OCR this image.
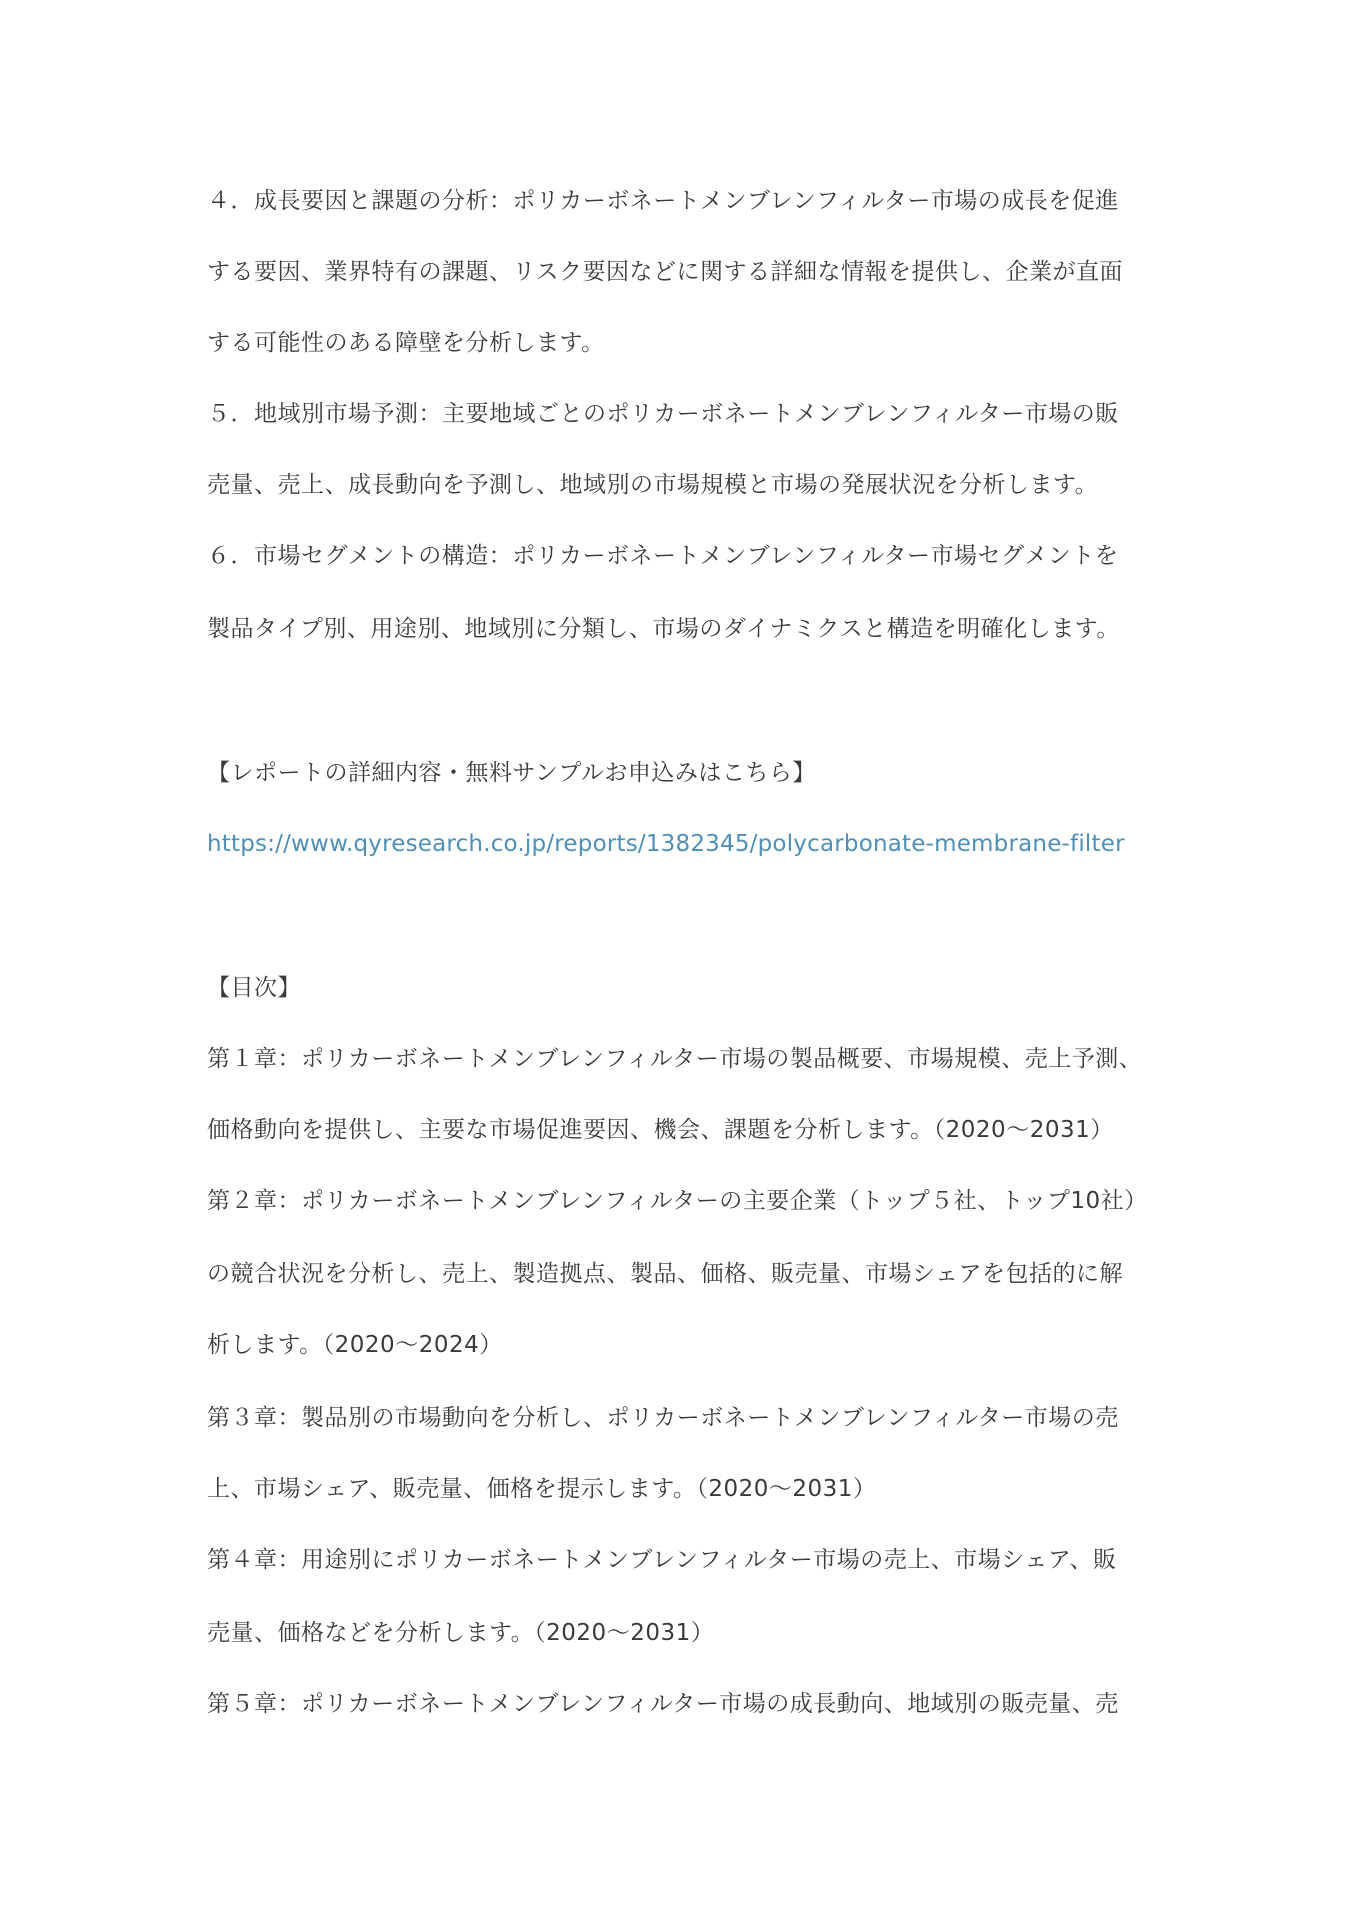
４．成長要因と課題の分析：ポリカーボネートメンブレンフィルター市場の成長を促進
する要因、業界特有の課題、リスク要因などに関する詳細な情報を提供し、企業が直面
する可能性のある障壁を分析します。
５．地域別市場予測：主要地域ごとのポリカーボネートメンブレンフィルター市場の販
売量、売上、成長動向を予測し、地域別の市場規模と市場の発展状況を分析します。
６．市場セグメントの構造：ポリカーボネートメンブレンフィルター市場セグメントを
製品タイプ別、用途別、地域別に分類し、市場のダイナミクスと構造を明確化します。
【レポートの詳細内容・無料サンプルお申込みはこちら】
https://www.qyresearch.co.jp/reports/1382345/polycarbonate-membrane-filter
【目次】
第１章：ポリカーボネートメンブレンフィルター市場の製品概要、市場規模、売上予測、
価格動向を提供し、主要な市場促進要因、機会、課題を分析します。（2020～2031）
第２章：ポリカーボネートメンブレンフィルターの主要企業（トップ５社、トップ10社）
の競合状況を分析し、売上、製造拠点、製品、価格、販売量、市場シェアを包括的に解
析します。（2020～2024）
第３章：製品別の市場動向を分析し、ポリカーボネートメンブレンフィルター市場の売
上、市場シェア、販売量、価格を提示します。（2020～2031）
第４章：用途別にポリカーボネートメンブレンフィルター市場の売上、市場シェア、販
売量、価格などを分析します。（2020～2031）
第５章：ポリカーボネートメンブレンフィルター市場の成長動向、地域別の販売量、売
